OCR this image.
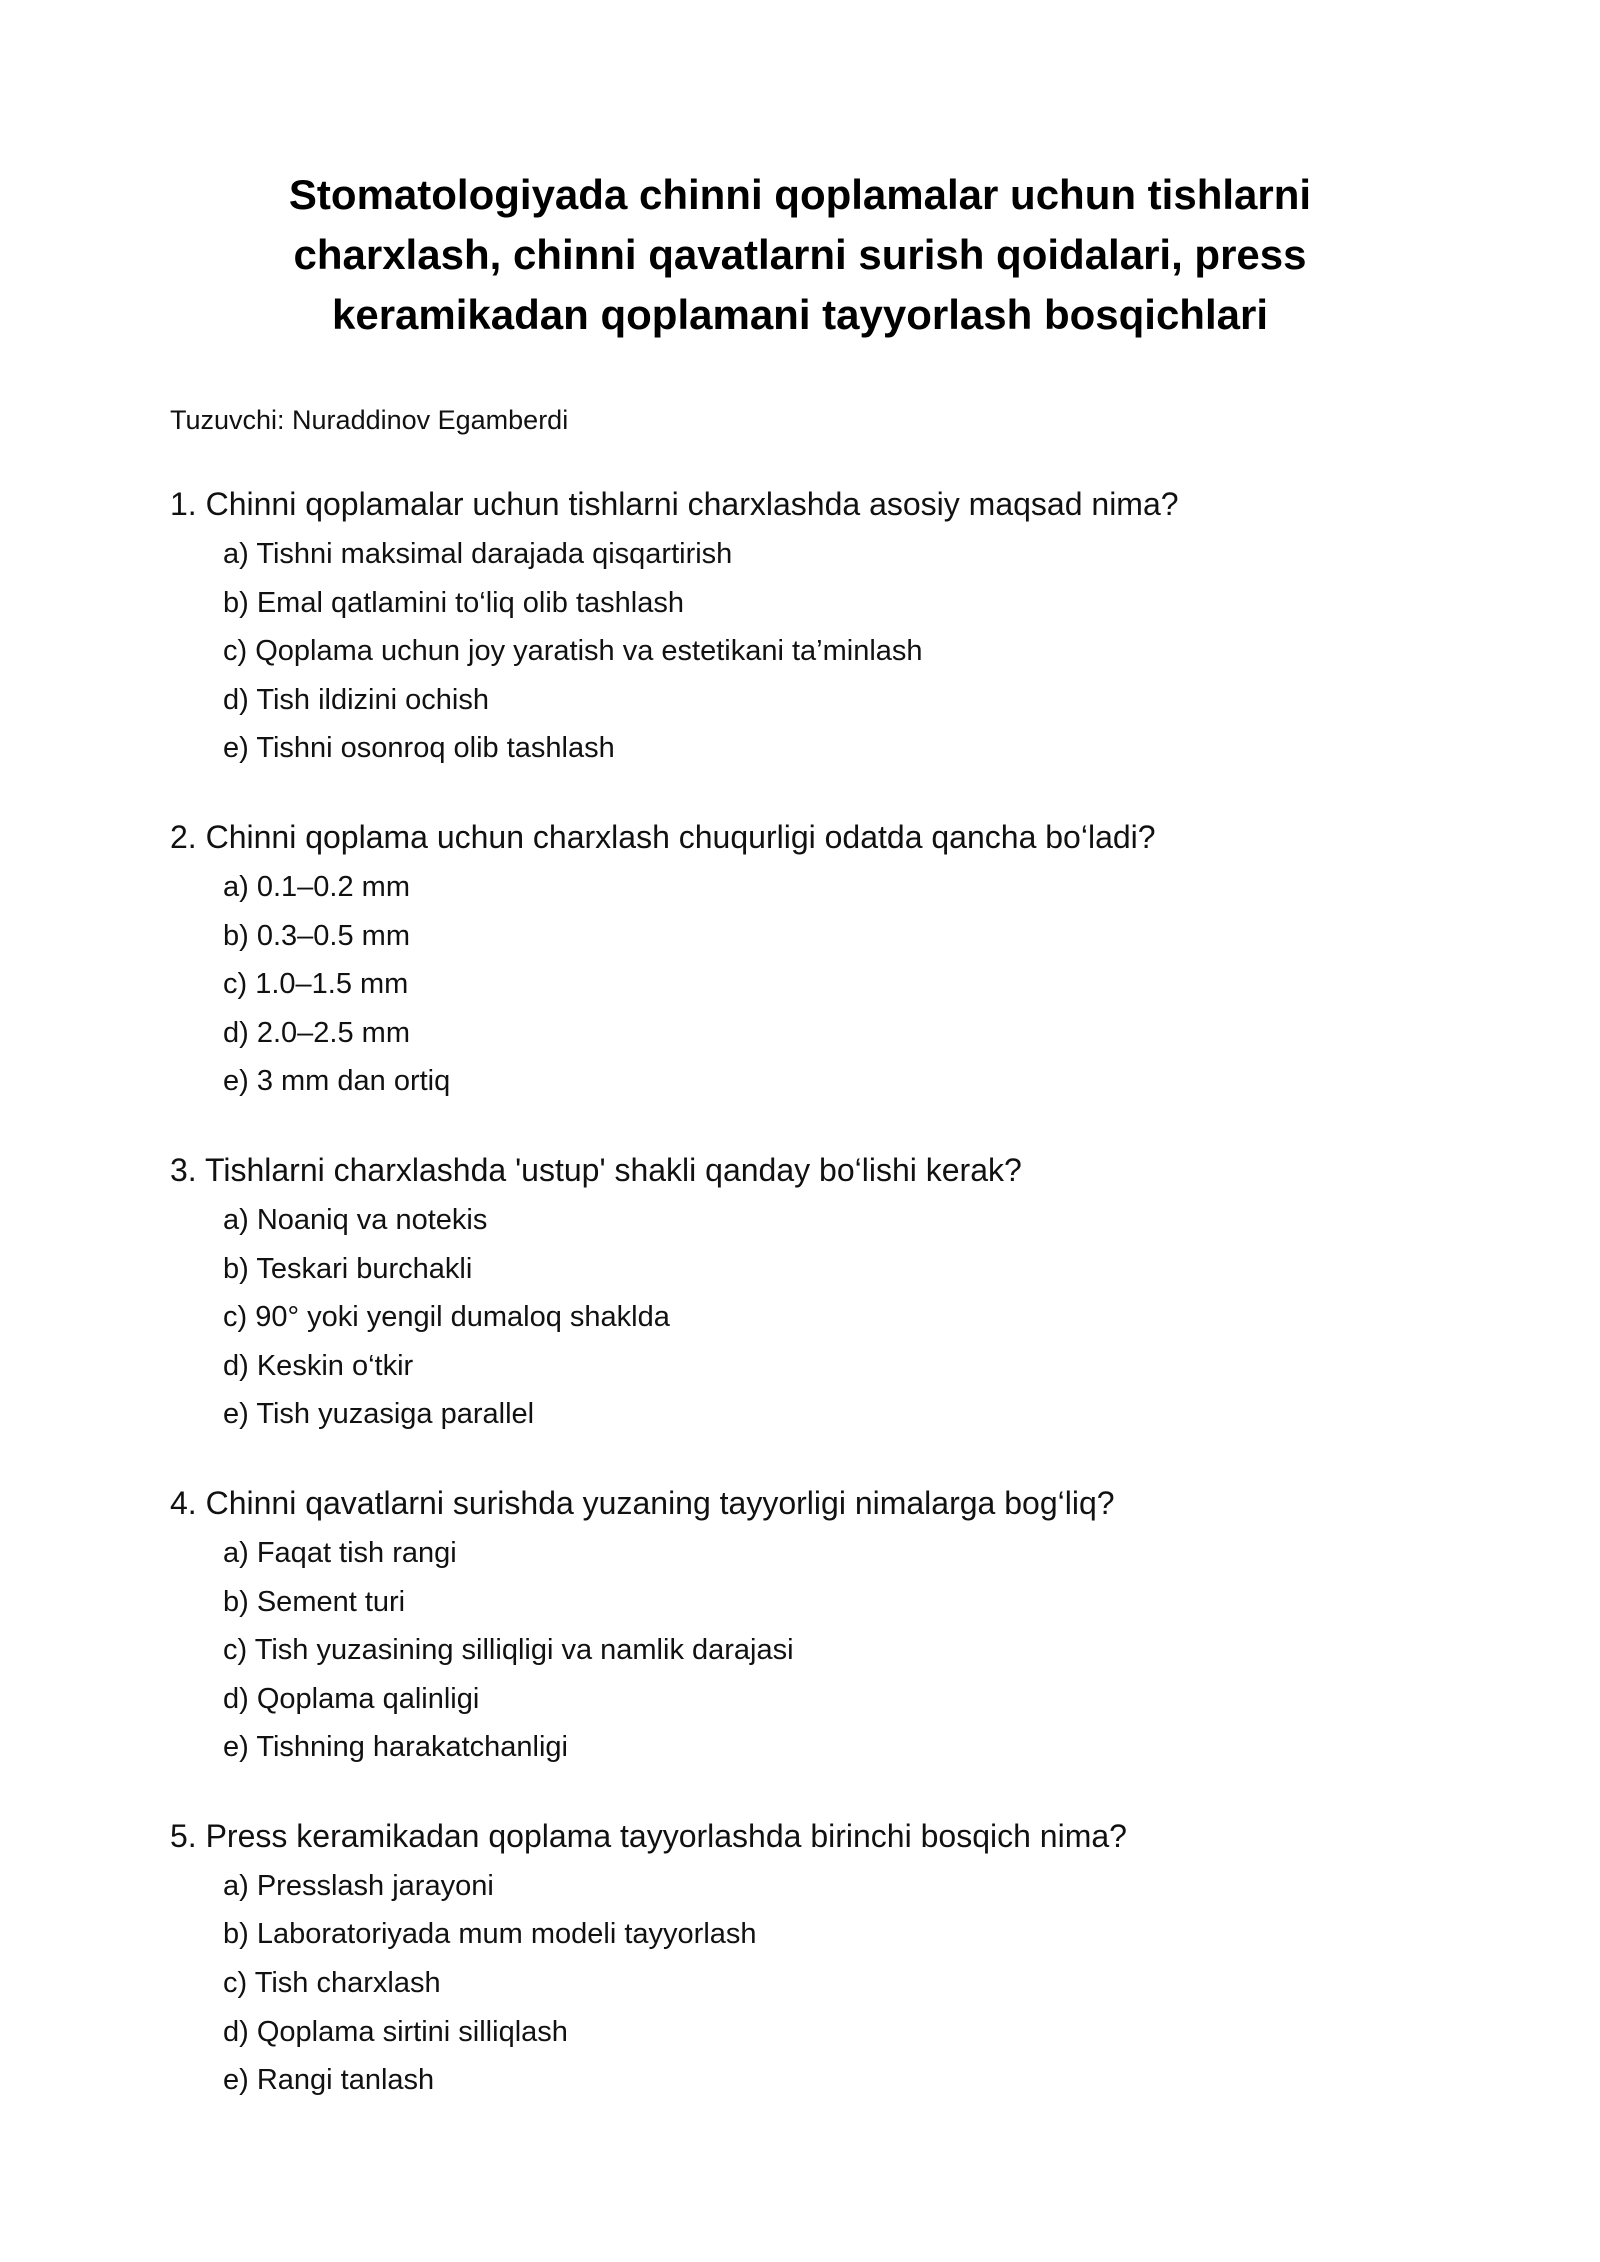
Stomatologiyada chinni qoplamalar uchun tishlarni charxlash, chinni qavatlarni surish qoidalari, press keramikadan qoplamani tayyorlash bosqichlari

Tuzuvchi: Nuraddinov Egamberdi

1. Chinni qoplamalar uchun tishlarni charxlashda asosiy maqsad nima?
a) Tishni maksimal darajada qisqartirish
b) Emal qatlamini to‘liq olib tashlash
c) Qoplama uchun joy yaratish va estetikani ta’minlash
d) Tish ildizini ochish
e) Tishni osonroq olib tashlash
2. Chinni qoplama uchun charxlash chuqurligi odatda qancha bo‘ladi?
a) 0.1–0.2 mm
b) 0.3–0.5 mm
c) 1.0–1.5 mm
d) 2.0–2.5 mm
e) 3 mm dan ortiq
3. Tishlarni charxlashda 'ustup' shakli qanday bo‘lishi kerak?
a) Noaniq va notekis
b) Teskari burchakli
c) 90° yoki yengil dumaloq shaklda
d) Keskin o‘tkir
e) Tish yuzasiga parallel
4. Chinni qavatlarni surishda yuzaning tayyorligi nimalarga bog‘liq?
a) Faqat tish rangi
b) Sement turi
c) Tish yuzasining silliqligi va namlik darajasi
d) Qoplama qalinligi
e) Tishning harakatchanligi
5. Press keramikadan qoplama tayyorlashda birinchi bosqich nima?
a) Presslash jarayoni
b) Laboratoriyada mum modeli tayyorlash
c) Tish charxlash
d) Qoplama sirtini silliqlash
e) Rangi tanlash
